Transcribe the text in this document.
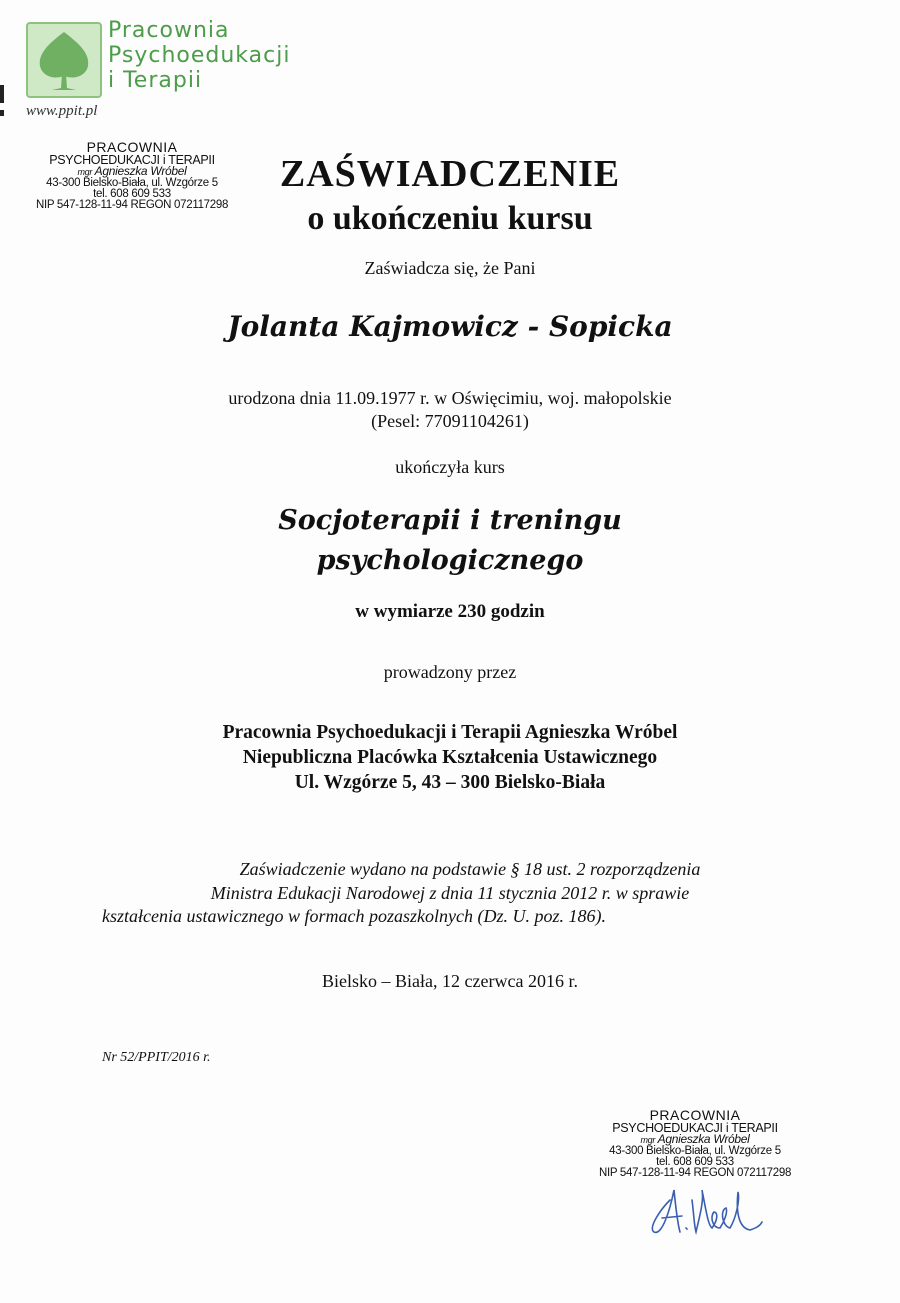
Pracownia
Psychoedukacji
i Terapii
www.ppit.pl
PRACOWNIA
PSYCHOEDUKACJI i TERAPII
mgr Agnieszka Wróbel
43-300 Bielsko-Biała, ul. Wzgórze 5
tel. 608 609 533
NIP 547-128-11-94 REGON 072117298
ZAŚWIADCZENIE
o ukończeniu kursu
Zaświadcza się, że Pani
Jolanta Kajmowicz - Sopicka
urodzona dnia 11.09.1977 r. w Oświęcimiu, woj. małopolskie
(Pesel: 77091104261)
ukończyła kurs
Socjoterapii i treningu
psychologicznego
w wymiarze 230 godzin
prowadzony przez
Pracownia Psychoedukacji i Terapii Agnieszka Wróbel
Niepubliczna Placówka Kształcenia Ustawicznego
Ul. Wzgórze 5, 43 – 300 Bielsko-Biała
Zaświadczenie wydano na podstawie § 18 ust. 2 rozporządzenia
Ministra Edukacji Narodowej z dnia 11 stycznia 2012 r. w sprawie
kształcenia ustawicznego w formach pozaszkolnych (Dz. U. poz. 186).
Bielsko – Biała, 12 czerwca 2016 r.
Nr 52/PPIT/2016 r.
PRACOWNIA
PSYCHOEDUKACJI i TERAPII
mgr Agnieszka Wróbel
43-300 Bielsko-Biała, ul. Wzgórze 5
tel. 608 609 533
NIP 547-128-11-94 REGON 072117298
